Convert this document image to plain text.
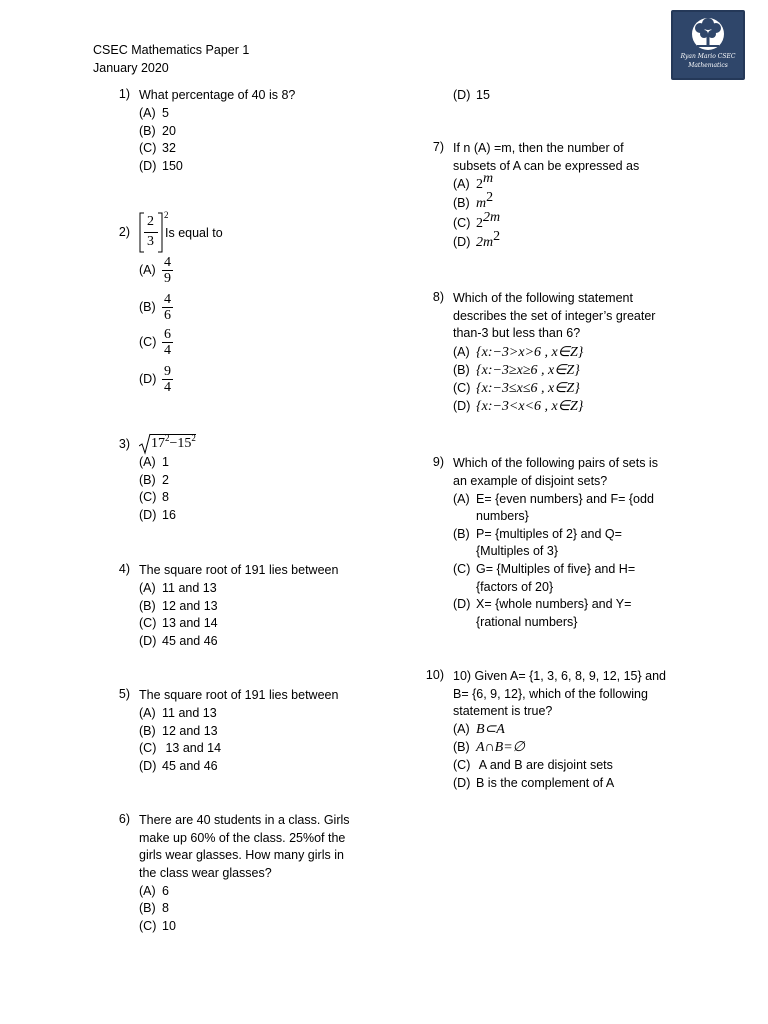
CSEC Mathematics Paper 1
January 2020
Ryan Mario CSEC
Mathematics
1) What percentage of 40 is 8?
(A) 5
(B) 20
(C) 32
(D) 150
2)
2
3
2
Is equal to
$(A) \frac{4}{9}$
$(B) \frac{4}{6}$
$(C) \frac{6}{4}$
$(D) \frac{9}{4}$
3) $17^2-15^2$
(A) 1
(B) 2
(C) 8
(D) 16
4) The square root of 191 lies between
(A) 11 and 13
(B) 12 and 13
(C) 13 and 14
(D) 45 and 46
5) The square root of 191 lies between
(A) 11 and 13
(B) 12 and 13
(C) 13 and 14
(D) 45 and 46
6) There are 40 students in a class. Girls
make up 60% of the class. 25%of the
girls wear glasses. How many girls in
the class wear glasses?
(A) 6
(B) 8
(C) 10
(D) 15
7) If n (A) =m, then the number of
subsets of A can be expressed as
(A) 2$^m$
(B) $m^2$
(C) $2^{2m}$
(D) $2m^2$
8) Which of the following statement
describes the set of integer’s greater
than-3 but less than 6?
(A) {x:−3>x>6 , x∈Z}
(B) {x:−3≥x≥6 , x∈Z}
(C) {x:−3≤x≤6 , x∈Z}
(D) {x:−3<x<6 , x∈Z}
9) Which of the following pairs of sets is
an example of disjoint sets?
(A) E= {even numbers} and F= {odd
numbers}
(B) P= {multiples of 2} and Q=
{Multiples of 3}
(C) G= {Multiples of five} and H=
{factors of 20}
(D) X= {whole numbers} and Y=
{rational numbers}
10) 10) Given A= {1, 3, 6, 8, 9, 12, 15} and
B= {6, 9, 12}, which of the following
statement is true?
(A) B⊂A
(B) A∩B=∅
(C) A and B are disjoint sets
(D) B is the complement of A
